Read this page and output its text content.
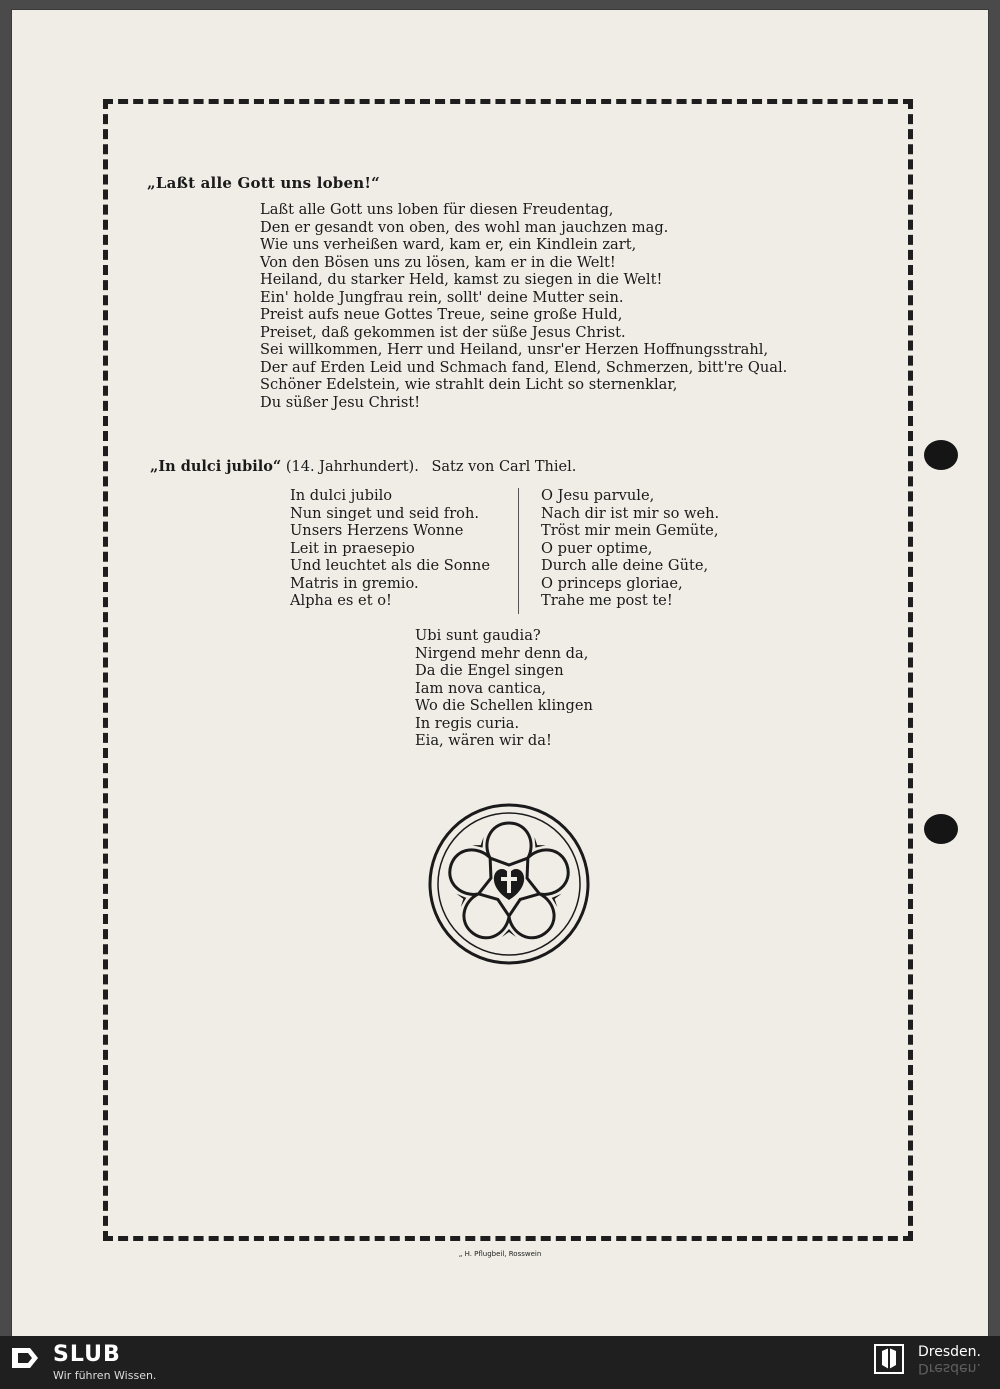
„Laßt alle Gott uns loben!“
Laßt alle Gott uns loben für diesen Freudentag,
Den er gesandt von oben, des wohl man jauchzen mag.
Wie uns verheißen ward, kam er, ein Kindlein zart,
Von den Bösen uns zu lösen, kam er in die Welt!
Heiland, du starker Held, kamst zu siegen in die Welt!
Ein' holde Jungfrau rein, sollt' deine Mutter sein.
Preist aufs neue Gottes Treue, seine große Huld,
Preiset, daß gekommen ist der süße Jesus Christ.
Sei willkommen, Herr und Heiland, unsr'er Herzen Hoffnungsstrahl,
Der auf Erden Leid und Schmach fand, Elend, Schmerzen, bitt're Qual.
Schöner Edelstein, wie strahlt dein Licht so sternenklar,
Du süßer Jesu Christ!
„In dulci jubilo“ (14. Jahrhundert). Satz von Carl Thiel.
In dulci jubilo
Nun singet und seid froh.
Unsers Herzens Wonne
Leit in praesepio
Und leuchtet als die Sonne
Matris in gremio.
Alpha es et o!
O Jesu parvule,
Nach dir ist mir so weh.
Tröst mir mein Gemüte,
O puer optime,
Durch alle deine Güte,
O princeps gloriae,
Trahe me post te!
Ubi sunt gaudia?
Nirgend mehr denn da,
Da die Engel singen
Iam nova cantica,
Wo die Schellen klingen
In regis curia.
Eia, wären wir da!
„ H. Pflugbeil, Rosswein
SLUB
Wir führen Wissen.
Dresden.
Dresden.
